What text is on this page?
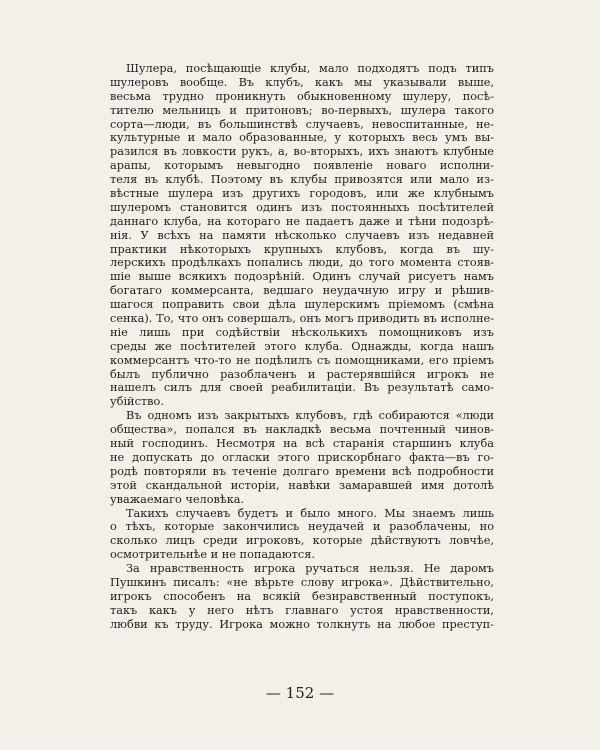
Шулера, посѣщающіе клубы, мало подходятъ подъ типъ
шулеровъ вообще. Въ клубъ, какъ мы указывали выше,
весьма трудно проникнуть обыкновенному шулеру, посѣ-
тителю мельницъ и притоновъ; во-первыхъ, шулера такого
сорта—люди, въ большинствѣ случаевъ, невоспитанные, не-
культурные и мало образованные, у которыхъ весь умъ вы-
разился въ ловкости рукъ, а, во-вторыхъ, ихъ знаютъ клубные
арапы, которымъ невыгодно появленіе новаго исполни-
теля въ клубѣ. Поэтому въ клубы привозятся или мало из-
вѣстные шулера изъ другихъ городовъ, или же клубнымъ
шулеромъ становится одинъ изъ постоянныхъ посѣтителей
даннаго клуба, на котораго не падаетъ даже и тѣни подозрѣ-
нія. У всѣхъ на памяти нѣсколько случаевъ изъ недавней
практики нѣкоторыхъ крупныхъ клубовъ, когда въ шу-
лерскихъ продѣлкахъ попались люди, до того момента стояв-
шіе выше всякихъ подозрѣній. Одинъ случай рисуетъ намъ
богатаго коммерсанта, ведшаго неудачную игру и рѣшив-
шагося поправить свои дѣла шулерскимъ пріемомъ (смѣна
сенка). То, что онъ совершалъ, онъ могъ приводить въ исполне-
ніе лишь при содѣйствіи нѣсколькихъ помощниковъ изъ
среды же посѣтителей этого клуба. Однажды, когда нашъ
коммерсантъ что-то не подѣлилъ съ помощниками, его пріемъ
былъ публично разоблаченъ и растерявшійся игрокъ не
нашелъ силъ для своей реабилитаціи. Въ результатѣ само-
убійство.
Въ одномъ изъ закрытыхъ клубовъ, гдѣ собираются «люди
общества», попался въ накладкѣ весьма почтенный чинов-
ный господинъ. Несмотря на всѣ старанія старшинъ клуба
не допускать до огласки этого прискорбнаго факта—въ го-
родѣ повторяли въ теченіе долгаго времени всѣ подробности
этой скандальной исторіи, навѣки замаравшей имя дотолѣ
уважаемаго человѣка.
Такихъ случаевъ будетъ и было много. Мы знаемъ лишь
о тѣхъ, которые закончились неудачей и разоблачены, но
сколько лицъ среди игроковъ, которые дѣйствуютъ ловчѣе,
осмотрительнѣе и не попадаются.
За нравственность игрока ручаться нельзя. Не даромъ
Пушкинъ писалъ: «не вѣрьте слову игрока». Дѣйствительно,
игрокъ способенъ на всякій безнравственный поступокъ,
такъ какъ у него нѣтъ главнаго устоя нравственности,
любви къ труду. Игрока можно толкнуть на любое преступ-
— 152 —
